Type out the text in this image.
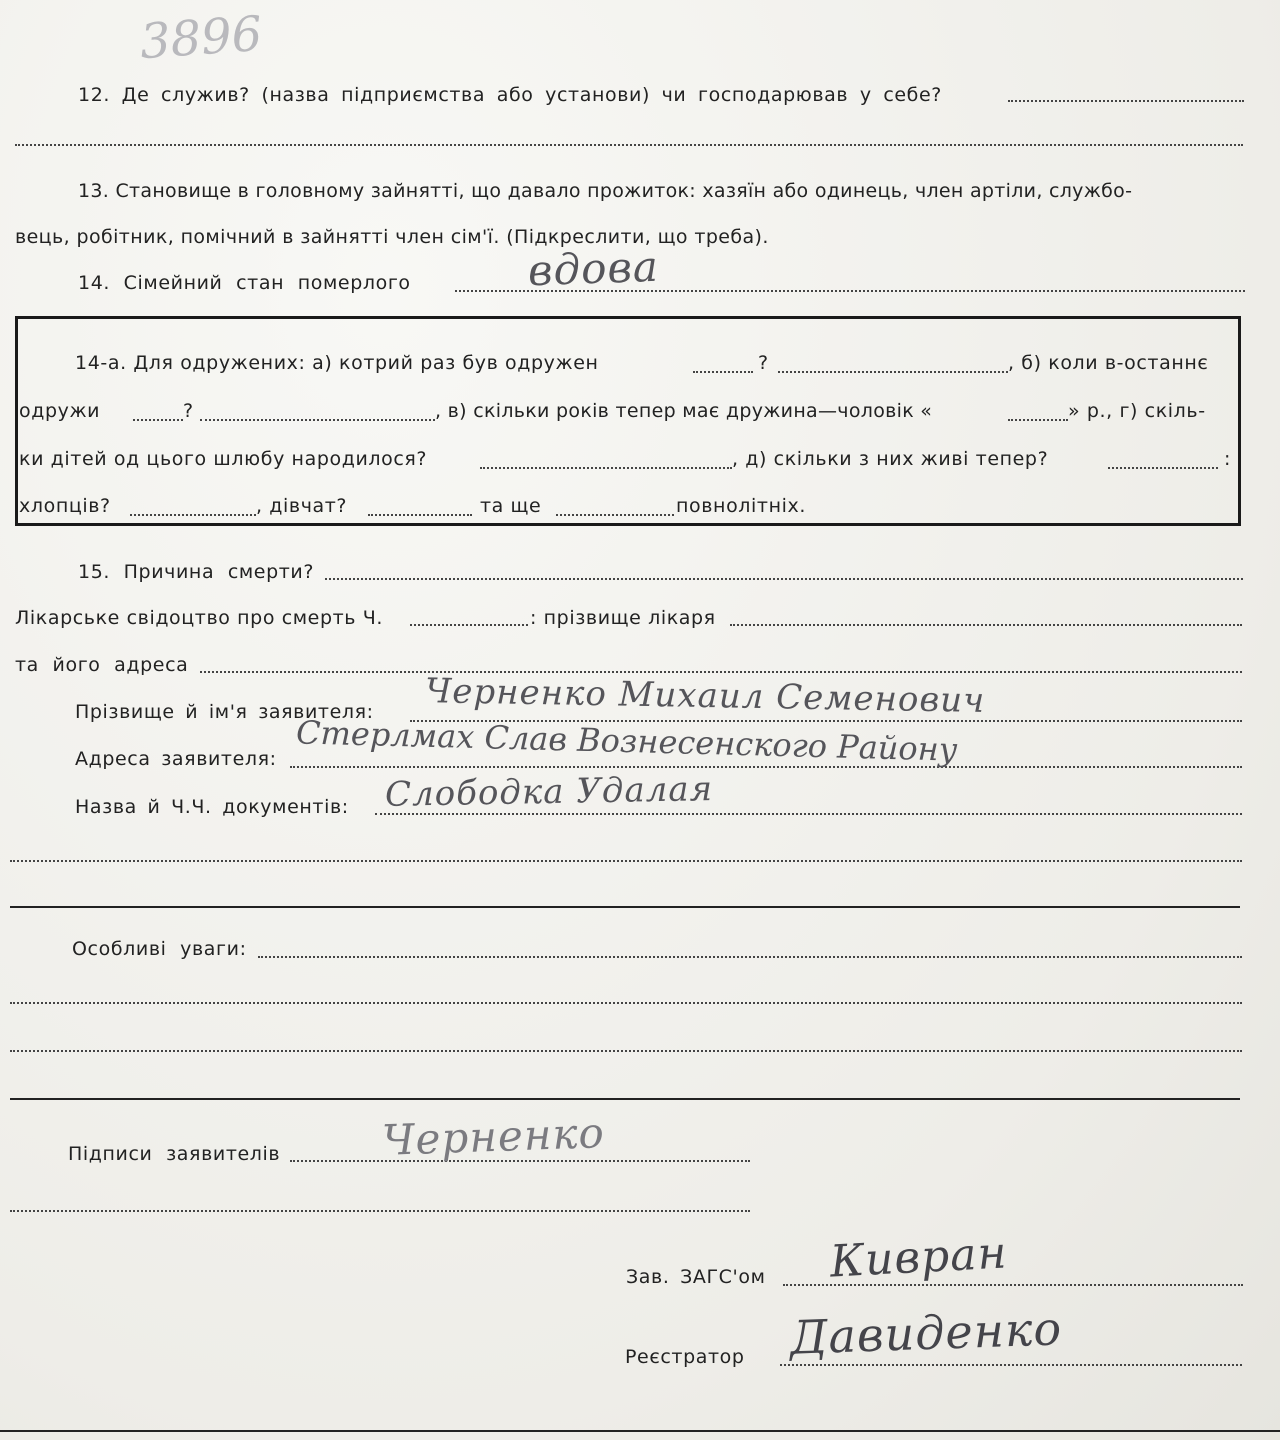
3896
12. Де служив? (назва підприємства або установи) чи господарював у себе?
13. Становище в головному зайнятті, що давало прожиток: хазяїн або одинець, член артіли, службо-
вець, робітник, помічний в зайнятті член сім'ї. (Підкреслити, що треба).
14. Сімейний стан померлого	вдова
14-а. Для одружених: а) котрий раз був одружен	?	, б) коли в-останнє
одружи	?	, в) скільки років тепер має дружина—чоловік «	» р., г) скіль-
ки дітей од цього шлюбу народилося?	, д) скільки з них живі тепер?	:
хлопців?	, дівчат?	та ще	повнолітніх.
15. Причина смерти?
Лікарське свідоцтво про смерть Ч.	: прізвище лікаря
та його адреса
Прізвище й ім'я заявителя: Черненко Михаил Семенович
Адреса заявителя: Стерлмах Слав Вознесенского Району
Назва й Ч.Ч. документів: Слободка Удалая
Особливі уваги:
Підписи заявителів Черненко
Зав. ЗАГС'ом Кивран
Реєстратор Давиденко
